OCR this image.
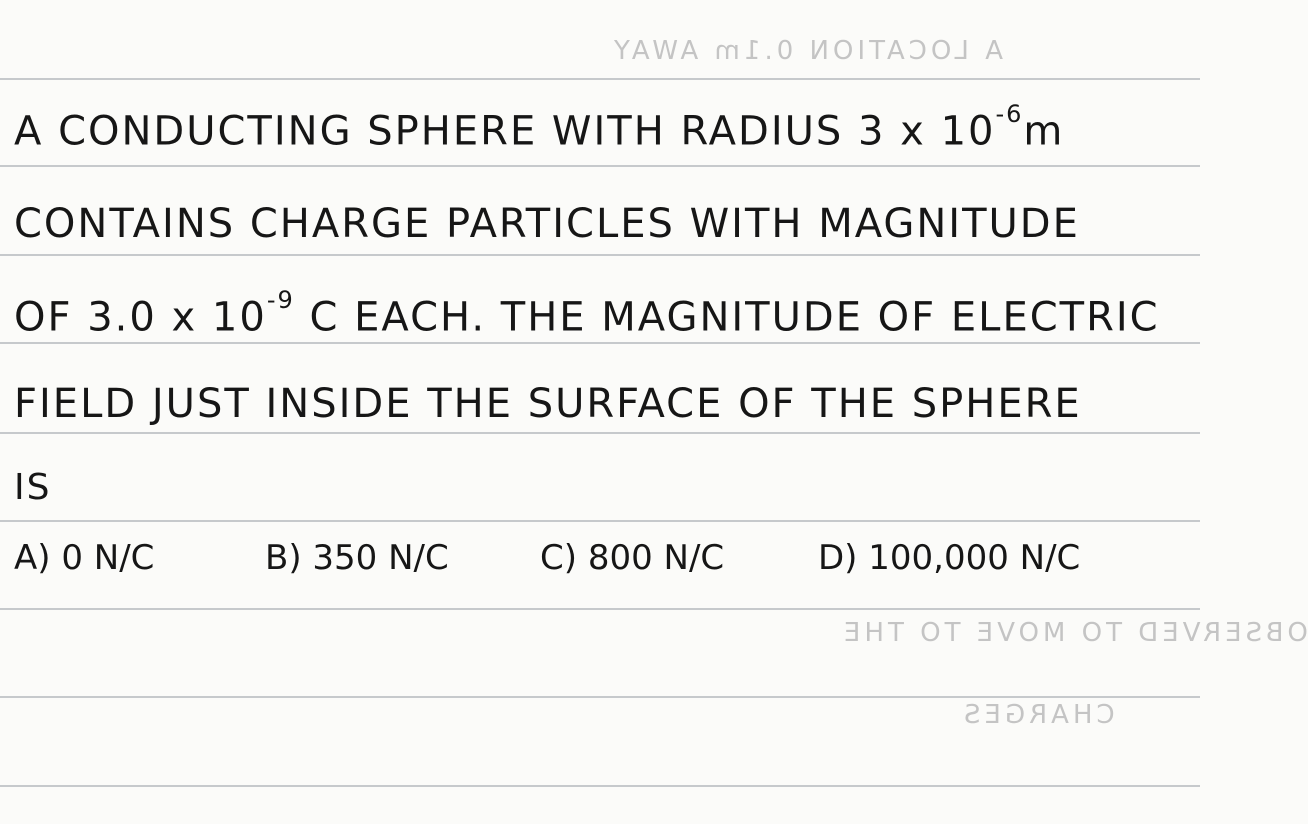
A LOCATION 0.1m AWAY
OBSERVED TO MOVE TO THE
CHARGES
A CONDUCTING SPHERE WITH RADIUS 3 x $10^{-6}m$
CONTAINS CHARGE PARTICLES WITH MAGNITUDE
OF 3.0 x $10^{-9}$ C EACH. THE MAGNITUDE OF ELECTRIC
FIELD JUST INSIDE THE SURFACE OF THE SPHERE
IS
A) 0 N/C	B) 350 N/C	C) 800 N/C	D) 100,000 N/C
